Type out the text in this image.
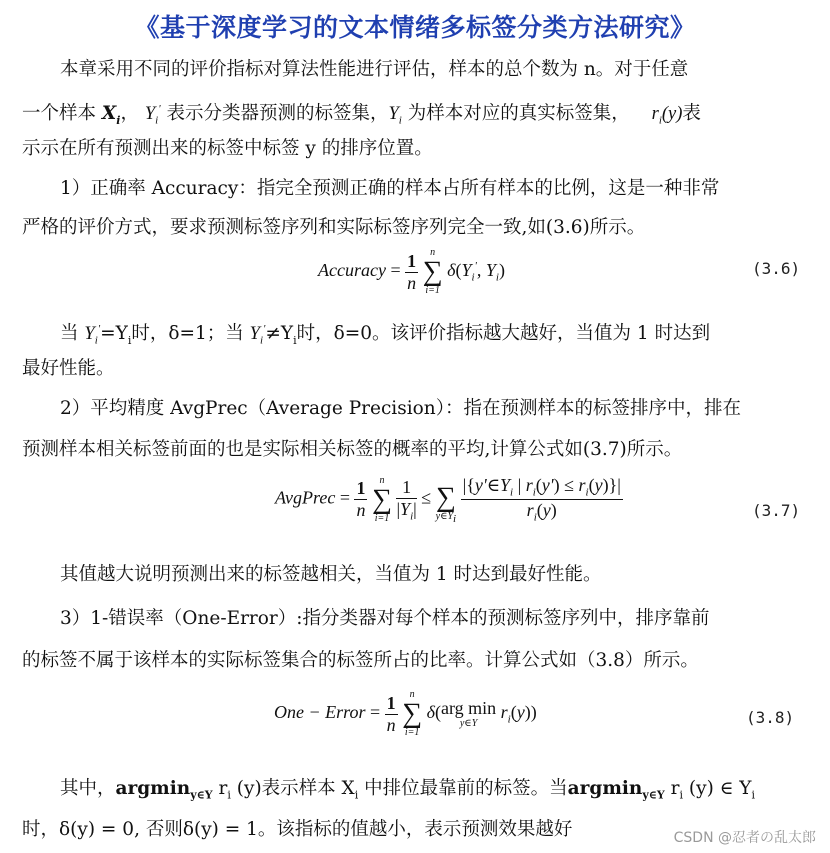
《基于深度学习的文本情绪多标签分类方法研究》
本章采用不同的评价指标对算法性能进行评估，样本的总个数为 n。对于任意
一个样本 $X_i$， $Y_i'$ 表示分类器预测的标签集，$Y_i$ 为样本对应的真实标签集， $r_i(y)$表
示示在所有预测出来的标签中标签 y 的排序位置。
1）正确率 Accuracy：指完全预测正确的样本占所有样本的比例，这是一种非常
严格的评价方式，要求预测标签序列和实际标签序列完全一致,如(3.6)所示。
Accuracy = $\frac{1}{n}$
	n
∑
i=1
$\delta(Y_i'$, $Y_i$)	(3.6)
当 $Y_i'=Y_i$时，δ=1；当 $Y_i'\ne Y_i$时，δ=0。该评价指标越大越好，当值为 1 时达到
最好性能。
2）平均精度 AvgPrec（Average Precision）：指在预测样本的标签排序中，排在
预测样本相关标签前面的也是实际相关标签的概率的平均,计算公式如(3.7)所示。
AvgPrec = $\frac{1}{n}$
	n
∑
i=1
$\frac{1}{|Y_i|}$ ≤
∑
$y\in Y_i$
$\frac{|\{y'\in Y_i | r_i(y') \le r_i(y)\}|}{r_i(y)}$	(3.7)
其值越大说明预测出来的标签越相关，当值为 1 时达到最好性能。
3）1-错误率（One-Error）:指分类器对每个样本的预测标签序列中，排序靠前
的标签不属于该样本的实际标签集合的标签所占的比率。计算公式如（3.8）所示。
One − Error = $\frac{1}{n}$
	n
∑
i=1
δ( arg min
y∈Y
$r_i(y)$)	(3.8)
其中，argmin$_{y\in Y}$ $r_i$ (y)表示样本 $X_i$ 中排位最靠前的标签。当argmin$_{y\in Y}$ $r_i$ (y) ∈ $Y_i$
时，δ(y) = 0, 否则δ(y) = 1。该指标的值越小，表示预测效果越好	CSDN @忍者の乱太郎
